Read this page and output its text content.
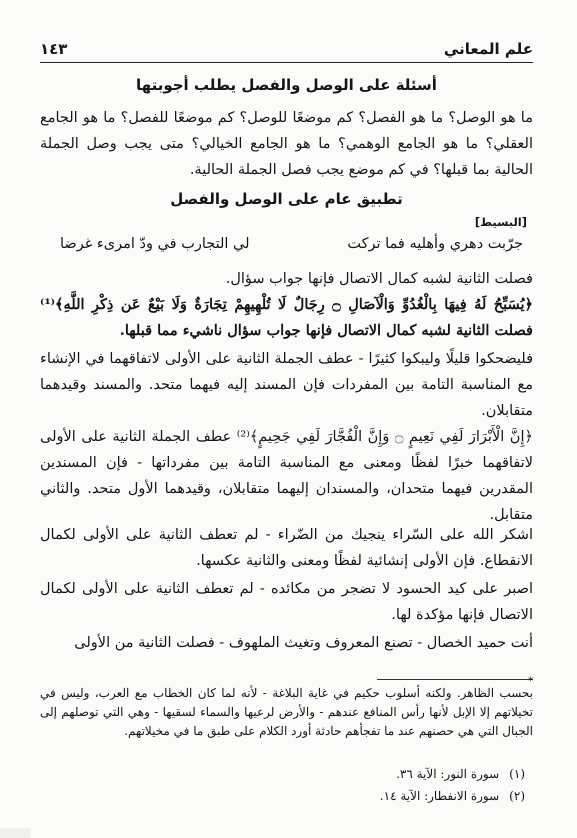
علم المعاني
١٤٣
أسئلة على الوصل والفصل يطلب أجوبتها

ما هو الوصل؟ ما هو الفصل؟ كم موضعًا للوصل؟ كم موضعًا للفصل؟ ما هو الجامع العقلي؟ ما هو الجامع الوهمي؟ ما هو الجامع الخيالي؟ متى يجب وصل الجملة الحالية بما قبلها؟ في كم موضع يجب فصل الجملة الحالية.

تطبيق عام على الوصل والفصل
[البسيط]
جرّبت دهري وأهليه فما تركت
لي التجارب في ودّ امرىء غرضا

فصلت الثانية لشبه كمال الاتصال فإنها جواب سؤال.

﴿يُسَبِّحُ لَهُ فِيهَا بِالْغُدُوِّ وَالْآصَالِ ۝ رِجَالٌ لَا تُلْهِيهِمْ تِجَارَةٌ وَلَا بَيْعٌ عَن ذِكْرِ اللَّهِ﴾⁽¹⁾ فصلت الثانية لشبه كمال الاتصال فإنها جواب سؤال ناشيء مما قبلها.

فليضحكوا قليلًا وليبكوا كثيرًا - عطف الجملة الثانية على الأولى لاتفاقهما في الإنشاء مع المناسبة التامة بين المفردات فإن المسند إليه فيهما متحد. والمسند وقيدهما متقابلان.

﴿إِنَّ الْأَبْرَارَ لَفِي نَعِيمٍ ۝ وَإِنَّ الْفُجَّارَ لَفِي جَحِيمٍ﴾⁽²⁾ عطف الجملة الثانية على الأولى لاتفاقهما خبرًا لفظًا ومعنى مع المناسبة التامة بين مفرداتها - فإن المسندين المقدرين فيهما متحدان، والمسندان إليهما متقابلان، وقيدهما الأول متحد. والثاني متقابل.

اشكر الله على السّراء ينجيك من الضّراء - لم تعطف الثانية على الأولى لكمال الانقطاع. فإن الأولى إنشائية لفظًا ومعنى والثانية عكسها.

اصبر على كيد الحسود لا تضجر من مكائده - لم تعطف الثانية على الأولى لكمال الاتصال فإنها مؤكدة لها.

أنت حميد الخصال - تصنع المعروف وتغيث الملهوف - فصلت الثانية من الأولى

*

بحسب الظاهر. ولكنه أسلوب حكيم في غاية البلاغة - لأنه لما كان الخطاب مع العرب، وليس في تخيلاتهم إلا الإبل لأنها رأس المنافع عندهم - والأرض لرعيها والسماء لسقيها - وهي التي توصلهم إلى الجبال التي هي حصنهم عند ما تفجأهم حادثة أورد الكلام على طبق ما في مخيلاتهم.

(١)
سورة النور: الآية ٣٦.
(٢)
سورة الانفطار: الآية ١٤.
